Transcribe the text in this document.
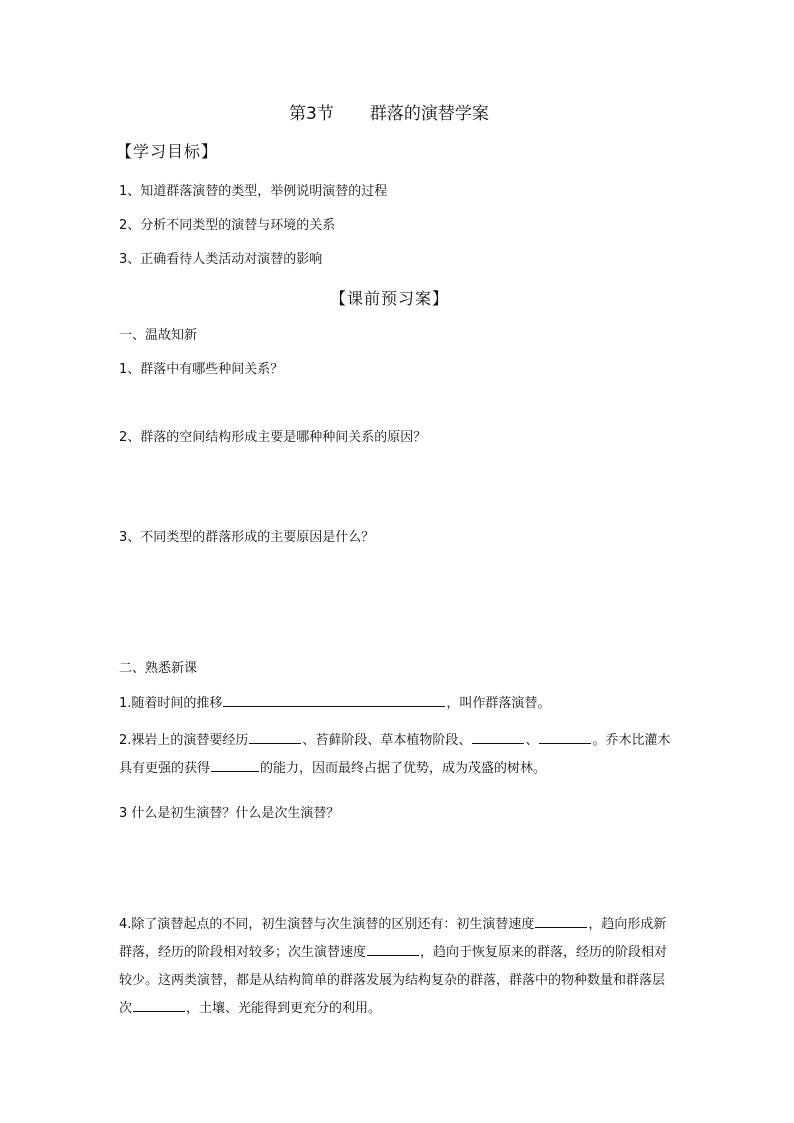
第3节 群落的演替学案
【学习目标】
1、知道群落演替的类型，举例说明演替的过程
2、分析不同类型的演替与环境的关系
3、正确看待人类活动对演替的影响
【课前预习案】
一、温故知新
1、群落中有哪些种间关系？
2、群落的空间结构形成主要是哪种种间关系的原因？
3、不同类型的群落形成的主要原因是什么？
二、熟悉新课
1.随着时间的推移	，叫作群落演替。
2.裸岩上的演替要经历	、苔藓阶段、草本植物阶段、	、	。乔木比灌木具有更强的获得	的能力，因而最终占据了优势，成为茂盛的树林。
3 什么是初生演替？什么是次生演替？
4.除了演替起点的不同，初生演替与次生演替的区别还有：初生演替速度	，趋向形成新群落，经历的阶段相对较多；次生演替速度	，趋向于恢复原来的群落，经历的阶段相对较少。这两类演替，都是从结构简单的群落发展为结构复杂的群落，群落中的物种数量和群落层次	，土壤、光能得到更充分的利用。
